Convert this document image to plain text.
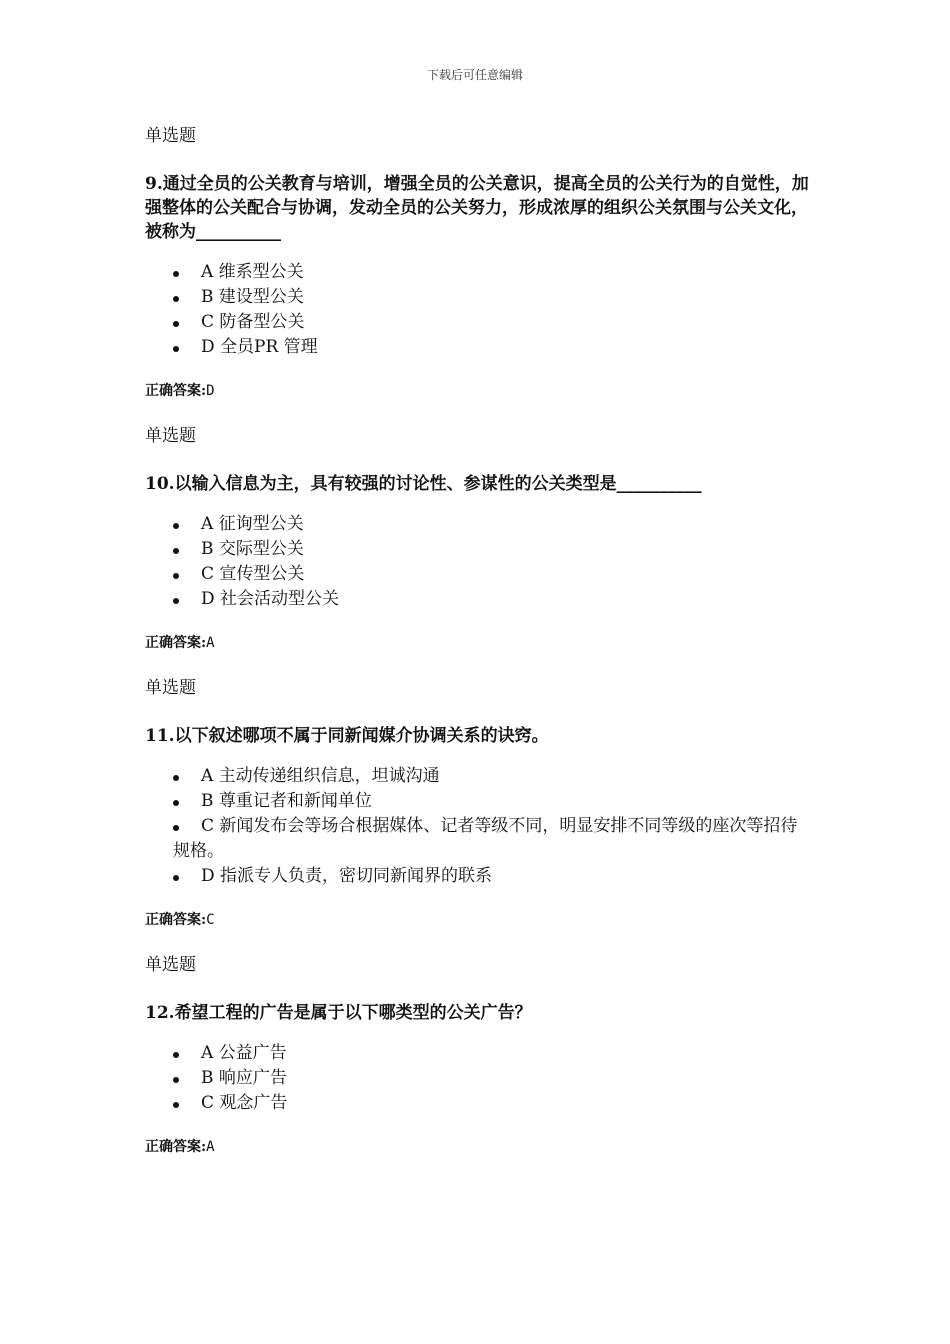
下载后可任意编辑
单选题
9.通过全员的公关教育与培训，增强全员的公关意识，提高全员的公关行为的自觉性，加强整体的公关配合与协调，发动全员的公关努力，形成浓厚的组织公关氛围与公关文化，被称为__________
A 维系型公关
B 建设型公关
C 防备型公关
D 全员PR 管理
正确答案:D
单选题
10.以输入信息为主，具有较强的讨论性、参谋性的公关类型是__________
A 征询型公关
B 交际型公关
C 宣传型公关
D 社会活动型公关
正确答案:A
单选题
11.以下叙述哪项不属于同新闻媒介协调关系的诀窍。
A 主动传递组织信息，坦诚沟通
B 尊重记者和新闻单位
C 新闻发布会等场合根据媒体、记者等级不同，明显安排不同等级的座次等招待规格。
D 指派专人负责，密切同新闻界的联系
正确答案:C
单选题
12.希望工程的广告是属于以下哪类型的公关广告？
A 公益广告
B 响应广告
C 观念广告
正确答案:A
